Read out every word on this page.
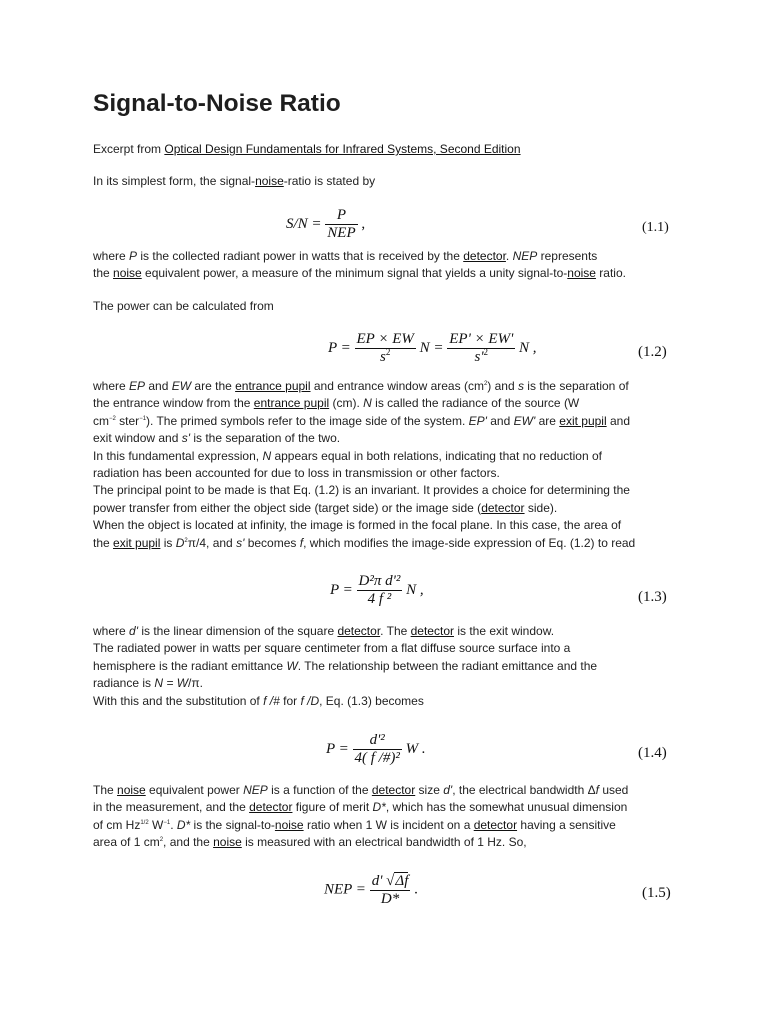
Signal-to-Noise Ratio
Excerpt from Optical Design Fundamentals for Infrared Systems, Second Edition
In its simplest form, the signal-noise-ratio is stated by
$S/N = \frac{P}{\text{NEP}}$ ,	(1.1)
where P is the collected radiant power in watts that is received by the detector. NEP represents
the noise equivalent power, a measure of the minimum signal that yields a unity signal-to-noise ratio.
The power can be calculated from
$P = \frac{EP \times EW}{s^2}$ $N = \frac{EP' \times EW'}{s'^2}$ N ,	(1.2)
where EP and EW are the entrance pupil and entrance window areas $(cm^2)$ and s is the separation of
the entrance window from the entrance pupil (cm). N is called the radiance of the source (W
$cm^{-2}$ ster$^{-1}$). The primed symbols refer to the image side of the system. EP' and EW' are exit pupil and
exit window and s' is the separation of the two.
In this fundamental expression, N appears equal in both relations, indicating that no reduction of
radiation has been accounted for due to loss in transmission or other factors.
The principal point to be made is that Eq. (1.2) is an invariant. It provides a choice for determining the
power transfer from either the object side (target side) or the image side (detector side).
When the object is located at infinity, the image is formed in the focal plane. In this case, the area of
the exit pupil is $D^2\pi/4$, and s' becomes f, which modifies the image-side expression of Eq. (1.2) to read
$P = \frac{\text{D²π d'²}}{\text{4 f ²}}$ N ,	(1.3)
where d' is the linear dimension of the square detector. The detector is the exit window.
The radiated power in watts per square centimeter from a flat diffuse source surface into a
hemisphere is the radiant emittance W. The relationship between the radiant emittance and the
radiance is N = W/π.
With this and the substitution of f /# for f /D, Eq. (1.3) becomes
$P = \frac{\text{d'²}}{\text{4( f /\#)²}}$ W .	(1.4)
The noise equivalent power NEP is a function of the detector size d', the electrical bandwidth Δf used
in the measurement, and the detector figure of merit D*, which has the somewhat unusual dimension
of cm $Hz^{1/2}$ $W^{-1}$. D* is the signal-to-noise ratio when 1 W is incident on a detector having a sensitive
area of 1 $cm^2$, and the noise is measured with an electrical bandwidth of 1 Hz. So,
NEP = $\frac{d' √\Delta f}{D*}$ .	(1.5)
